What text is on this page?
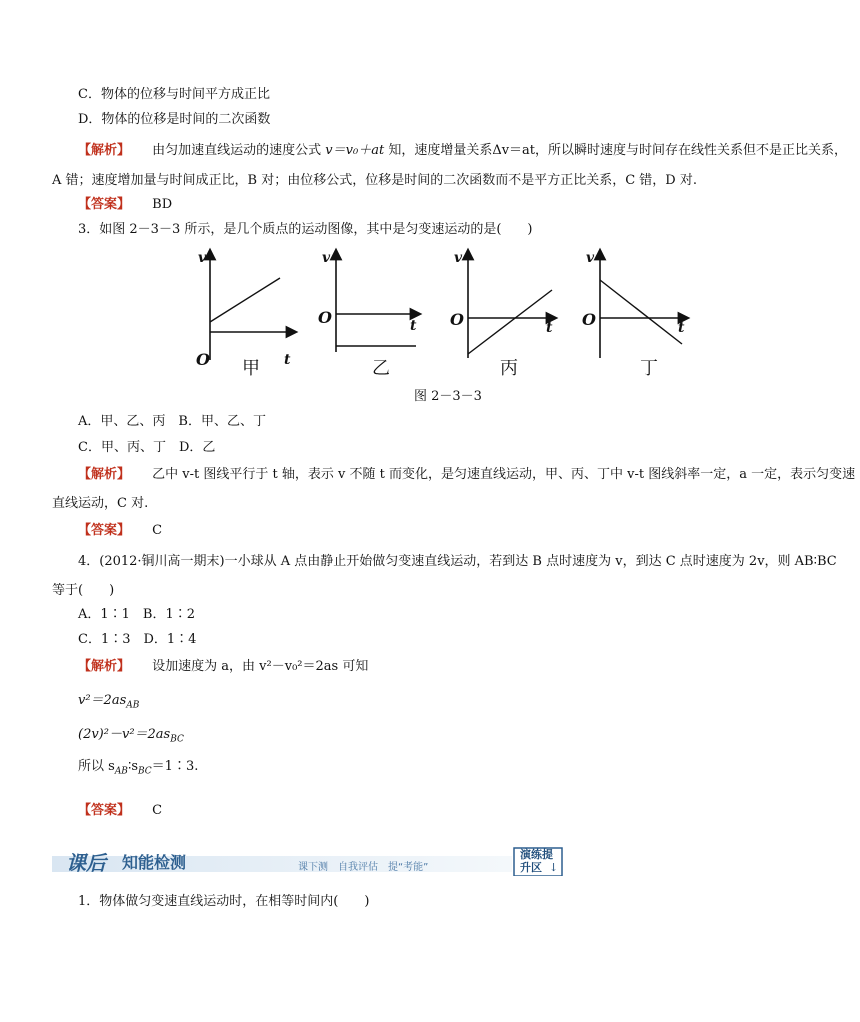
C．物体的位移与时间平方成正比
D．物体的位移是时间的二次函数
【解析】 由匀加速直线运动的速度公式 v＝v₀＋at 知，速度增量关系Δv＝at，所以瞬时速度与时间存在线性关系但不是正比关系，
A 错；速度增加量与时间成正比，B 对；由位移公式，位移是时间的二次函数而不是平方正比关系，C 错，D 对.
【答案】 BD
3．如图 2－3－3 所示，是几个质点的运动图像，其中是匀变速运动的是(　　)
v
O	t
甲
v
O	t
乙
v
O	t
丙
v
O	t
丁
图 2－3－3
A．甲、乙、丙　B．甲、乙、丁
C．甲、丙、丁　D．乙
【解析】 乙中 v-t 图线平行于 t 轴，表示 v 不随 t 而变化，是匀速直线运动，甲、丙、丁中 v-t 图线斜率一定，a 一定，表示匀变速
直线运动，C 对.
【答案】 C
4．(2012·铜川高一期末)一小球从 A 点由静止开始做匀变速直线运动，若到达 B 点时速度为 v，到达 C 点时速度为 2v，则 AB∶BC
等于(　　)
A．1∶1　B．1∶2
C．1∶3　D．1∶4
【解析】 设加速度为 a，由 v²－v₀²＝2as 可知
$v^2=2as_{AB}$
$(2v)^2-v^2=2as_{BC}$
所以 $s_{AB}∶s_{BC}=1∶3$.
【答案】 C
课后 知能检测	课下测　自我评估　提“考能”
演练提
升区 ↓
1．物体做匀变速直线运动时，在相等时间内(　　)
